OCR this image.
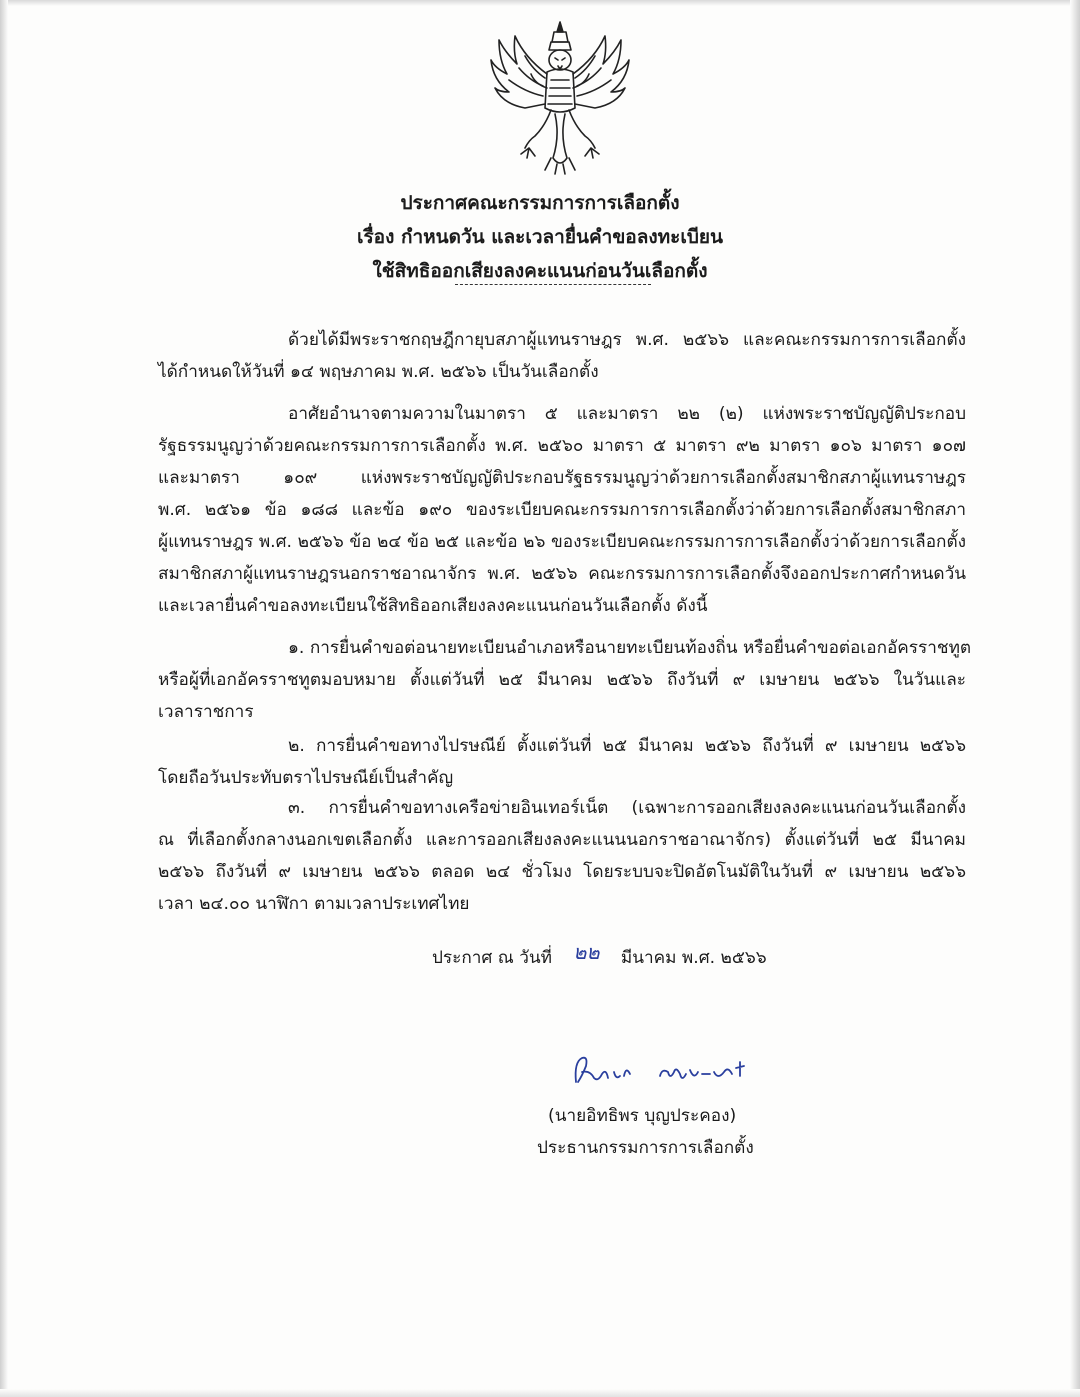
ประกาศคณะกรรมการการเลือกตั้ง
เรื่อง กำหนดวัน และเวลายื่นคำขอลงทะเบียน
ใช้สิทธิออกเสียงลงคะแนนก่อนวันเลือกตั้ง
ด้วยได้มีพระราชกฤษฎีกายุบสภาผู้แทนราษฎร พ.ศ. ๒๕๖๖ และคณะกรรมการการเลือกตั้ง
ได้กำหนดให้วันที่ ๑๔ พฤษภาคม พ.ศ. ๒๕๖๖ เป็นวันเลือกตั้ง
อาศัยอำนาจตามความในมาตรา ๕ และมาตรา ๒๒ (๒) แห่งพระราชบัญญัติประกอบ
รัฐธรรมนูญว่าด้วยคณะกรรมการการเลือกตั้ง พ.ศ. ๒๕๖๐ มาตรา ๕ มาตรา ๙๒ มาตรา ๑๐๖ มาตรา ๑๐๗
และมาตรา ๑๐๙ แห่งพระราชบัญญัติประกอบรัฐธรรมนูญว่าด้วยการเลือกตั้งสมาชิกสภาผู้แทนราษฎร
พ.ศ. ๒๕๖๑ ข้อ ๑๘๘ และข้อ ๑๙๐ ของระเบียบคณะกรรมการการเลือกตั้งว่าด้วยการเลือกตั้งสมาชิกสภา
ผู้แทนราษฎร พ.ศ. ๒๕๖๖ ข้อ ๒๔ ข้อ ๒๕ และข้อ ๒๖ ของระเบียบคณะกรรมการการเลือกตั้งว่าด้วยการเลือกตั้ง
สมาชิกสภาผู้แทนราษฎรนอกราชอาณาจักร พ.ศ. ๒๕๖๖ คณะกรรมการการเลือกตั้งจึงออกประกาศกำหนดวัน
และเวลายื่นคำขอลงทะเบียนใช้สิทธิออกเสียงลงคะแนนก่อนวันเลือกตั้ง ดังนี้
๑. การยื่นคำขอต่อนายทะเบียนอำเภอหรือนายทะเบียนท้องถิ่น หรือยื่นคำขอต่อเอกอัครราชทูต
หรือผู้ที่เอกอัครราชทูตมอบหมาย ตั้งแต่วันที่ ๒๕ มีนาคม ๒๕๖๖ ถึงวันที่ ๙ เมษายน ๒๕๖๖ ในวันและ
เวลาราชการ
๒. การยื่นคำขอทางไปรษณีย์ ตั้งแต่วันที่ ๒๕ มีนาคม ๒๕๖๖ ถึงวันที่ ๙ เมษายน ๒๕๖๖
โดยถือวันประทับตราไปรษณีย์เป็นสำคัญ
๓. การยื่นคำขอทางเครือข่ายอินเทอร์เน็ต (เฉพาะการออกเสียงลงคะแนนก่อนวันเลือกตั้ง
ณ ที่เลือกตั้งกลางนอกเขตเลือกตั้ง และการออกเสียงลงคะแนนนอกราชอาณาจักร) ตั้งแต่วันที่ ๒๕ มีนาคม
๒๕๖๖ ถึงวันที่ ๙ เมษายน ๒๕๖๖ ตลอด ๒๔ ชั่วโมง โดยระบบจะปิดอัตโนมัติในวันที่ ๙ เมษายน ๒๕๖๖
เวลา ๒๔.๐๐ นาฬิกา ตามเวลาประเทศไทย
ประกาศ ณ วันที่ ๒๒ มีนาคม พ.ศ. ๒๕๖๖
(นายอิทธิพร บุญประคอง)
ประธานกรรมการการเลือกตั้ง
